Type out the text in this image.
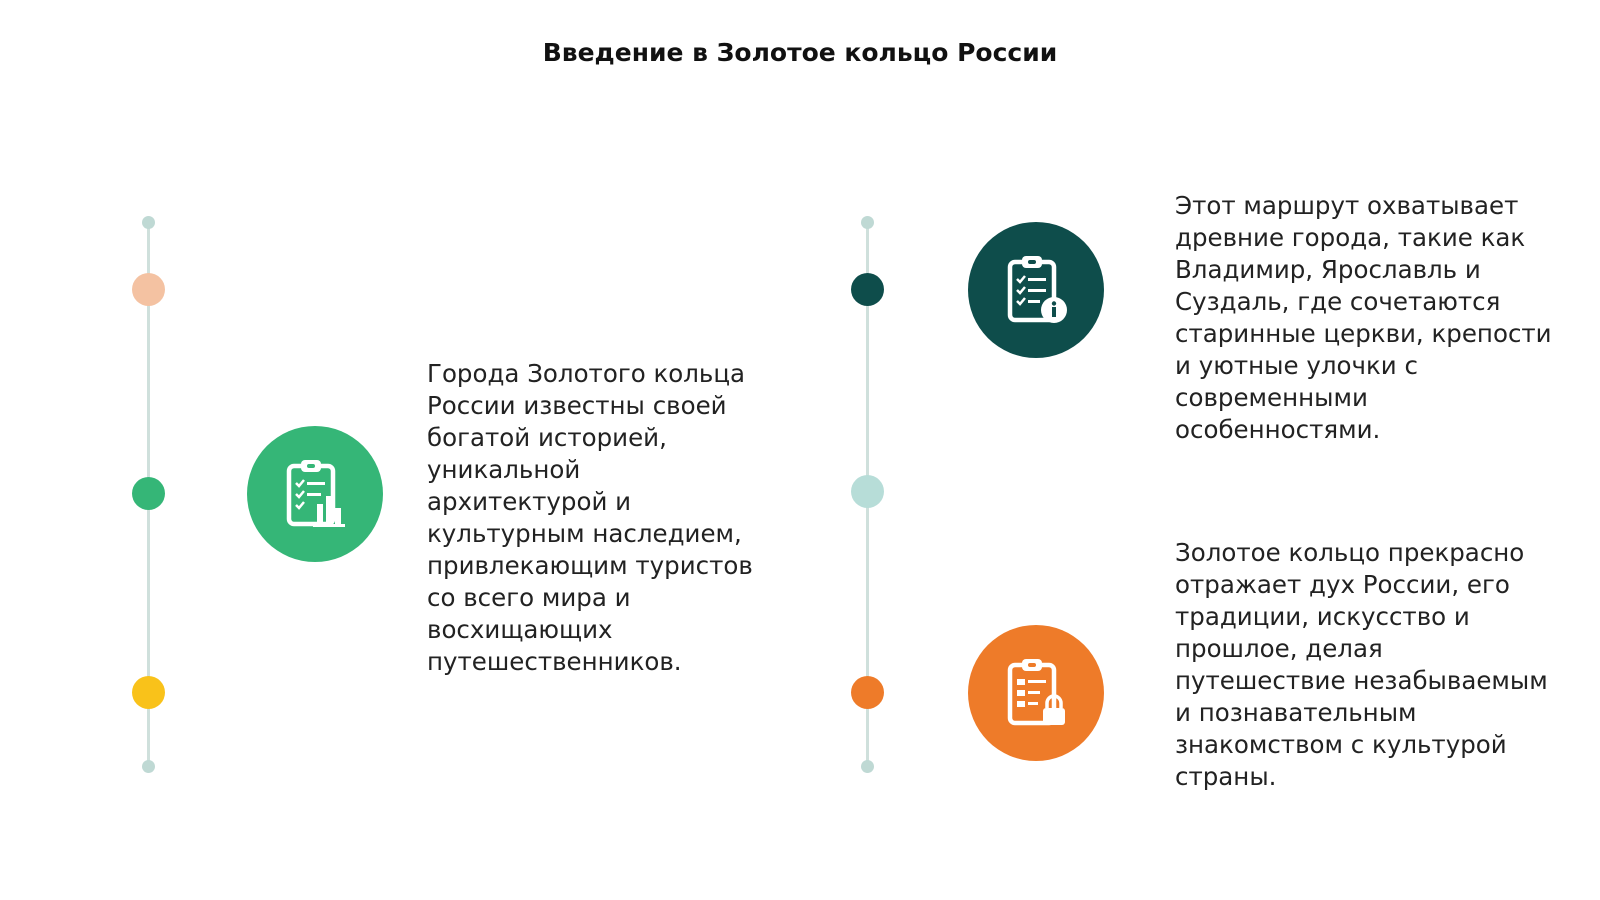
Введение в Золотое кольцо России

Города Золотого кольца России известны своей богатой историей, уникальной архитектурой и культурным наследием, привлекающим туристов со всего мира и восхищающих путешественников.

Этот маршрут охватывает древние города, такие как Владимир, Ярославль и Суздаль, где сочетаются старинные церкви, крепости и уютные улочки с современными особенностями.

Золотое кольцо прекрасно отражает дух России, его традиции, искусство и прошлое, делая путешествие незабываемым и познавательным знакомством с культурой страны.
